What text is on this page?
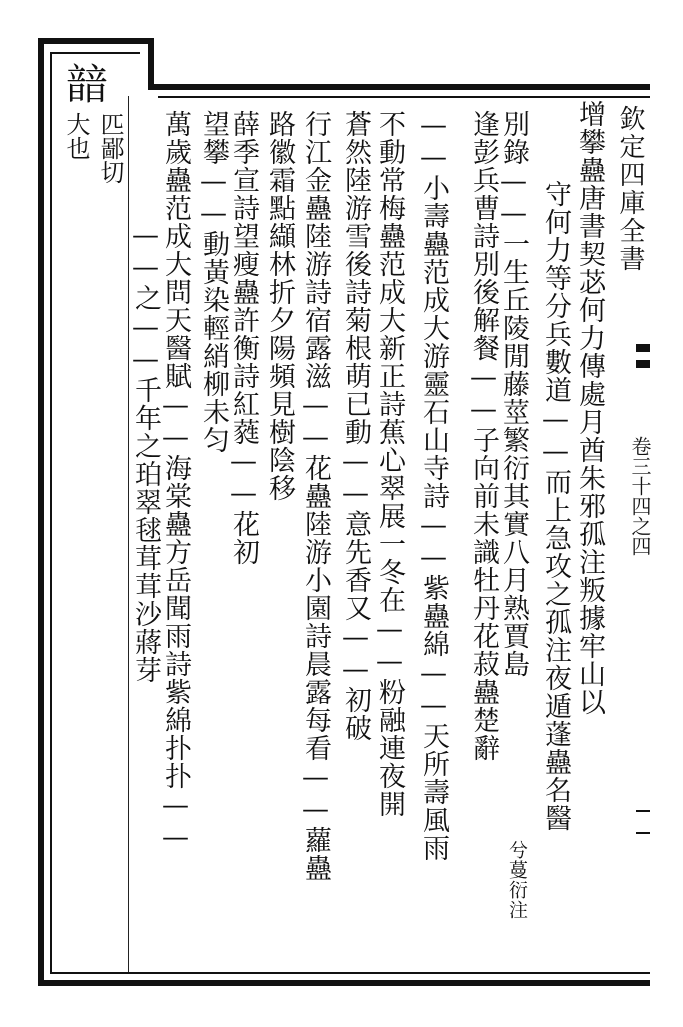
欽定四庫全書
卷三十四之四
䪭
匹鄙切
大也	增攀蠱唐書契苾何力傳處月酋朱邪孤注叛據牢山以
守何力等分兵數道——而上急攻之孤注夜遁蓬蠱名醫
別錄——一生丘陵閒藤莖繁衍其實八月熟賈島
逢彭兵曹詩別後解餐——子向前未識牡丹花菽蠱楚辭
兮蔓衍注
——小壽蠱范成大游靈石山寺詩——紫蠱綿——天所壽風雨
不動常梅蠱范成大新正詩蕉心翠展一冬在——粉融連夜開
蒼然陸游雪後詩菊根萌已動——意先香又——初破
行江金蠱陸游詩宿露滋——花蠱陸游小園詩晨露每看——蘿蠱
路徽霜點纈林折夕陽頻見樹陰移
薛季宣詩望瘦蠱許衡詩紅蕤——花初
望攀——動黃染輕綃柳未匀
萬歲蠱范成大問天醫賦——海棠蠱方岳聞雨詩紫綿扑扑——
——之——千年之珀翠毬茸茸沙蔣芽
